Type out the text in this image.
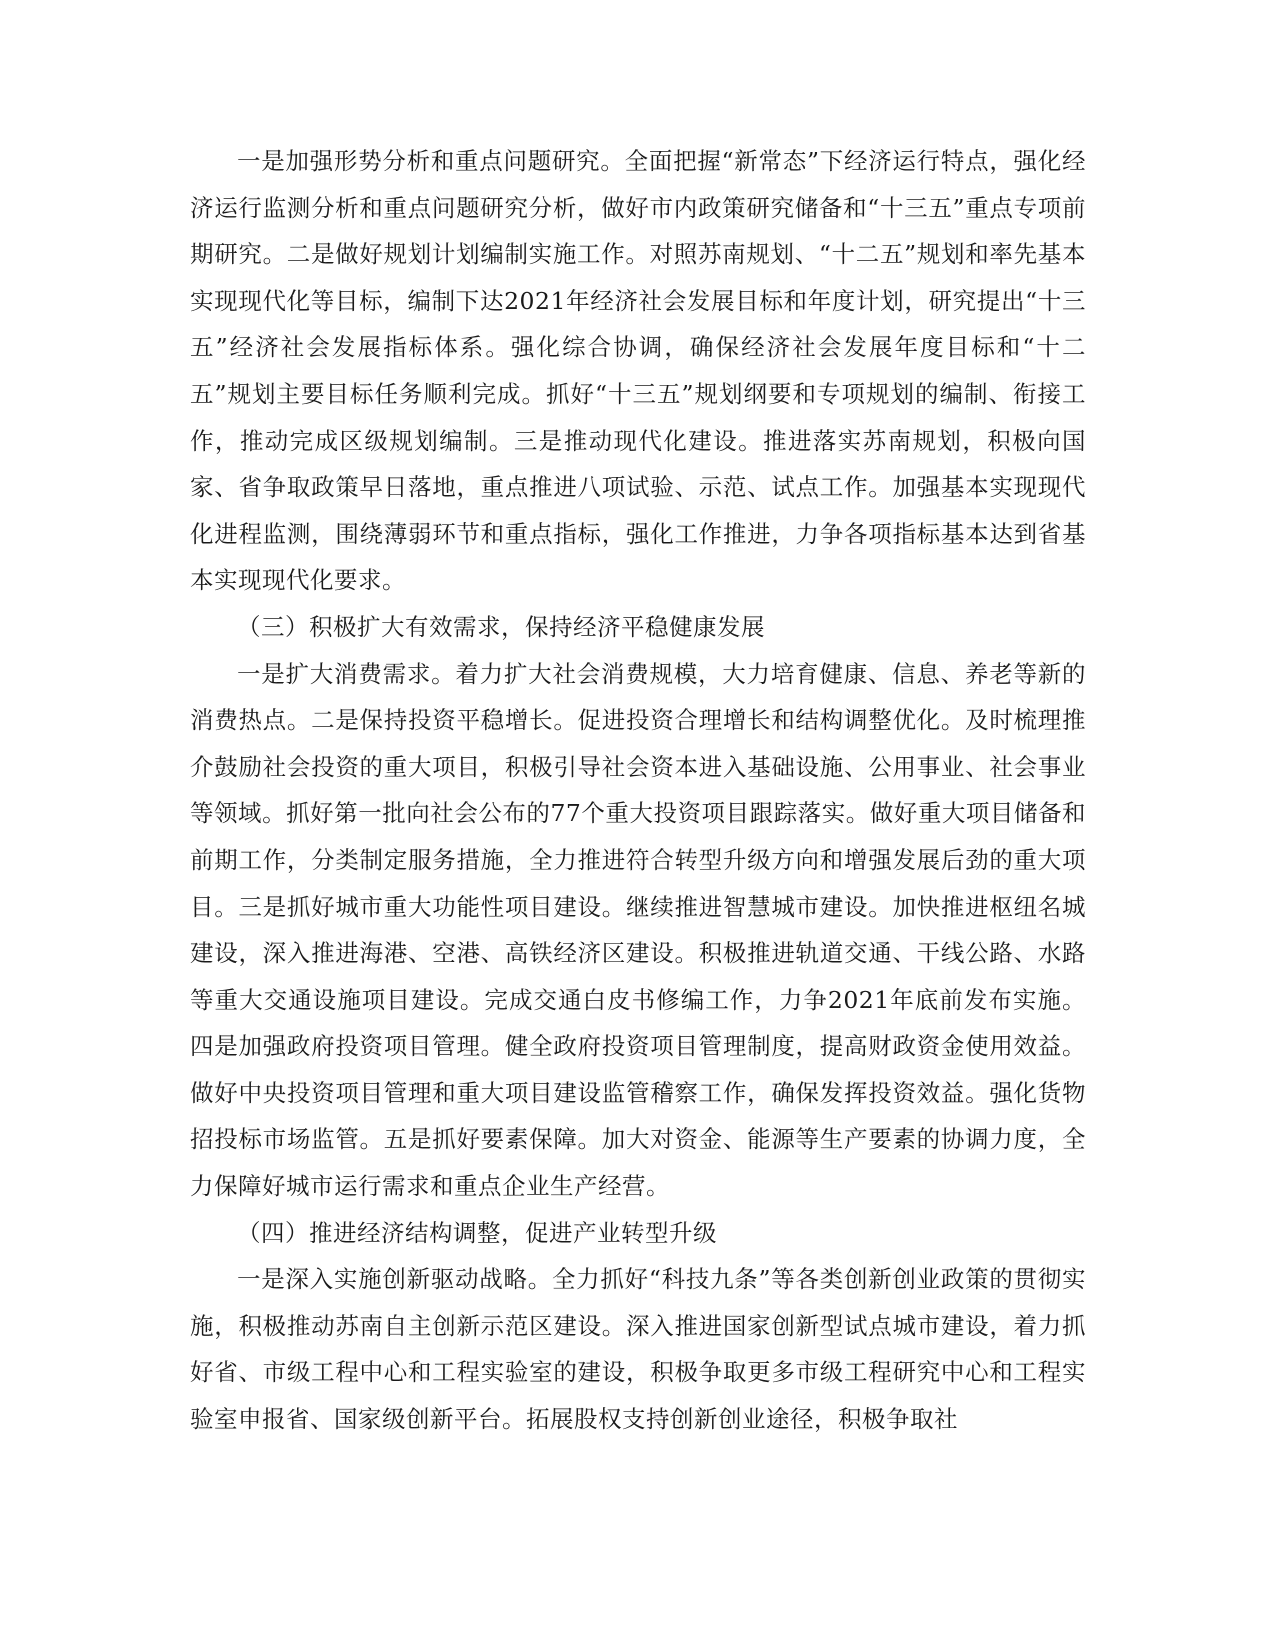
一是加强形势分析和重点问题研究。全面把握“新常态”下经济运行特点，强化经济运行监测分析和重点问题研究分析，做好市内政策研究储备和“十三五”重点专项前期研究。二是做好规划计划编制实施工作。对照苏南规划、“十二五”规划和率先基本实现现代化等目标，编制下达2021年经济社会发展目标和年度计划，研究提出“十三五”经济社会发展指标体系。强化综合协调，确保经济社会发展年度目标和“十二五”规划主要目标任务顺利完成。抓好“十三五”规划纲要和专项规划的编制、衔接工作，推动完成区级规划编制。三是推动现代化建设。推进落实苏南规划，积极向国家、省争取政策早日落地，重点推进八项试验、示范、试点工作。加强基本实现现代化进程监测，围绕薄弱环节和重点指标，强化工作推进，力争各项指标基本达到省基本实现现代化要求。

（三）积极扩大有效需求，保持经济平稳健康发展

一是扩大消费需求。着力扩大社会消费规模，大力培育健康、信息、养老等新的消费热点。二是保持投资平稳增长。促进投资合理增长和结构调整优化。及时梳理推介鼓励社会投资的重大项目，积极引导社会资本进入基础设施、公用事业、社会事业等领域。抓好第一批向社会公布的77个重大投资项目跟踪落实。做好重大项目储备和前期工作，分类制定服务措施，全力推进符合转型升级方向和增强发展后劲的重大项目。三是抓好城市重大功能性项目建设。继续推进智慧城市建设。加快推进枢纽名城建设，深入推进海港、空港、高铁经济区建设。积极推进轨道交通、干线公路、水路等重大交通设施项目建设。完成交通白皮书修编工作，力争2021年底前发布实施。四是加强政府投资项目管理。健全政府投资项目管理制度，提高财政资金使用效益。做好中央投资项目管理和重大项目建设监管稽察工作，确保发挥投资效益。强化货物招投标市场监管。五是抓好要素保障。加大对资金、能源等生产要素的协调力度，全力保障好城市运行需求和重点企业生产经营。

（四）推进经济结构调整，促进产业转型升级

一是深入实施创新驱动战略。全力抓好“科技九条”等各类创新创业政策的贯彻实施，积极推动苏南自主创新示范区建设。深入推进国家创新型试点城市建设，着力抓好省、市级工程中心和工程实验室的建设，积极争取更多市级工程研究中心和工程实验室申报省、国家级创新平台。拓展股权支持创新创业途径，积极争取社
